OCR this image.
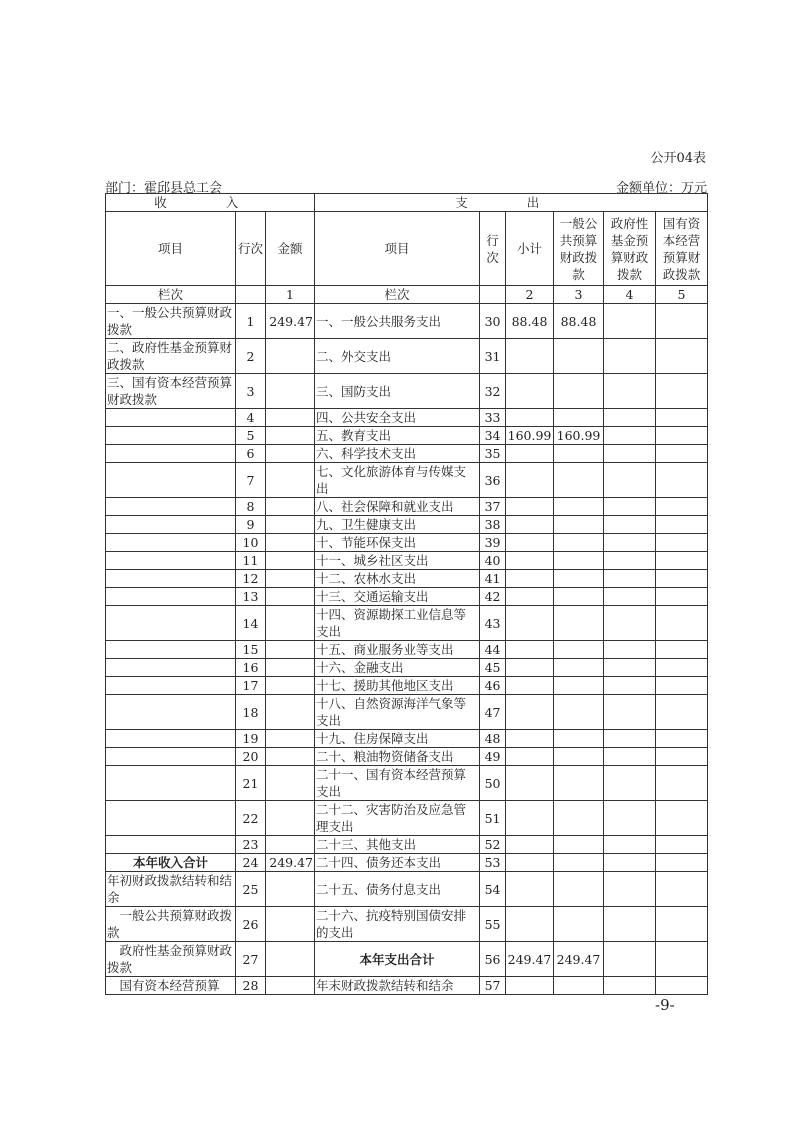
公开04表
部门：霍邱县总工会	金额单位：万元
收 入			支 出					
项目	行次	金额	项目	行次	小计	一般公共预算财政拨款	政府性基金预算财政拨款	国有资本经营预算财政拨款
栏次		1	栏次		2	3	4	5
一、一般公共预算财政拨款	1	249.47	一、一般公共服务支出	30	88.48	88.48		
二、政府性基金预算财政拨款	2		二、外交支出	31				
三、国有资本经营预算财政拨款	3		三、国防支出	32				
	4		四、公共安全支出	33				
	5		五、教育支出	34	160.99	160.99		
	6		六、科学技术支出	35				
	7		七、文化旅游体育与传媒支出	36				
	8		八、社会保障和就业支出	37				
	9		九、卫生健康支出	38				
	10		十、节能环保支出	39				
	11		十一、城乡社区支出	40				
	12		十二、农林水支出	41				
	13		十三、交通运输支出	42				
	14		十四、资源勘探工业信息等支出	43				
	15		十五、商业服务业等支出	44				
	16		十六、金融支出	45				
	17		十七、援助其他地区支出	46				
	18		十八、自然资源海洋气象等支出	47				
	19		十九、住房保障支出	48				
	20		二十、粮油物资储备支出	49				
	21		二十一、国有资本经营预算支出	50				
	22		二十二、灾害防治及应急管理支出	51				
	23		二十三、其他支出	52				
本年收入合计	24	249.47	二十四、债务还本支出	53				
年初财政拨款结转和结余	25		二十五、债务付息支出	54				
一般公共预算财政拨款	26		二十六、抗疫特别国债安排的支出	55				
政府性基金预算财政拨款	27		本年支出合计	56	249.47	249.47		
国有资本经营预算	28		年末财政拨款结转和结余	57				
-9-
